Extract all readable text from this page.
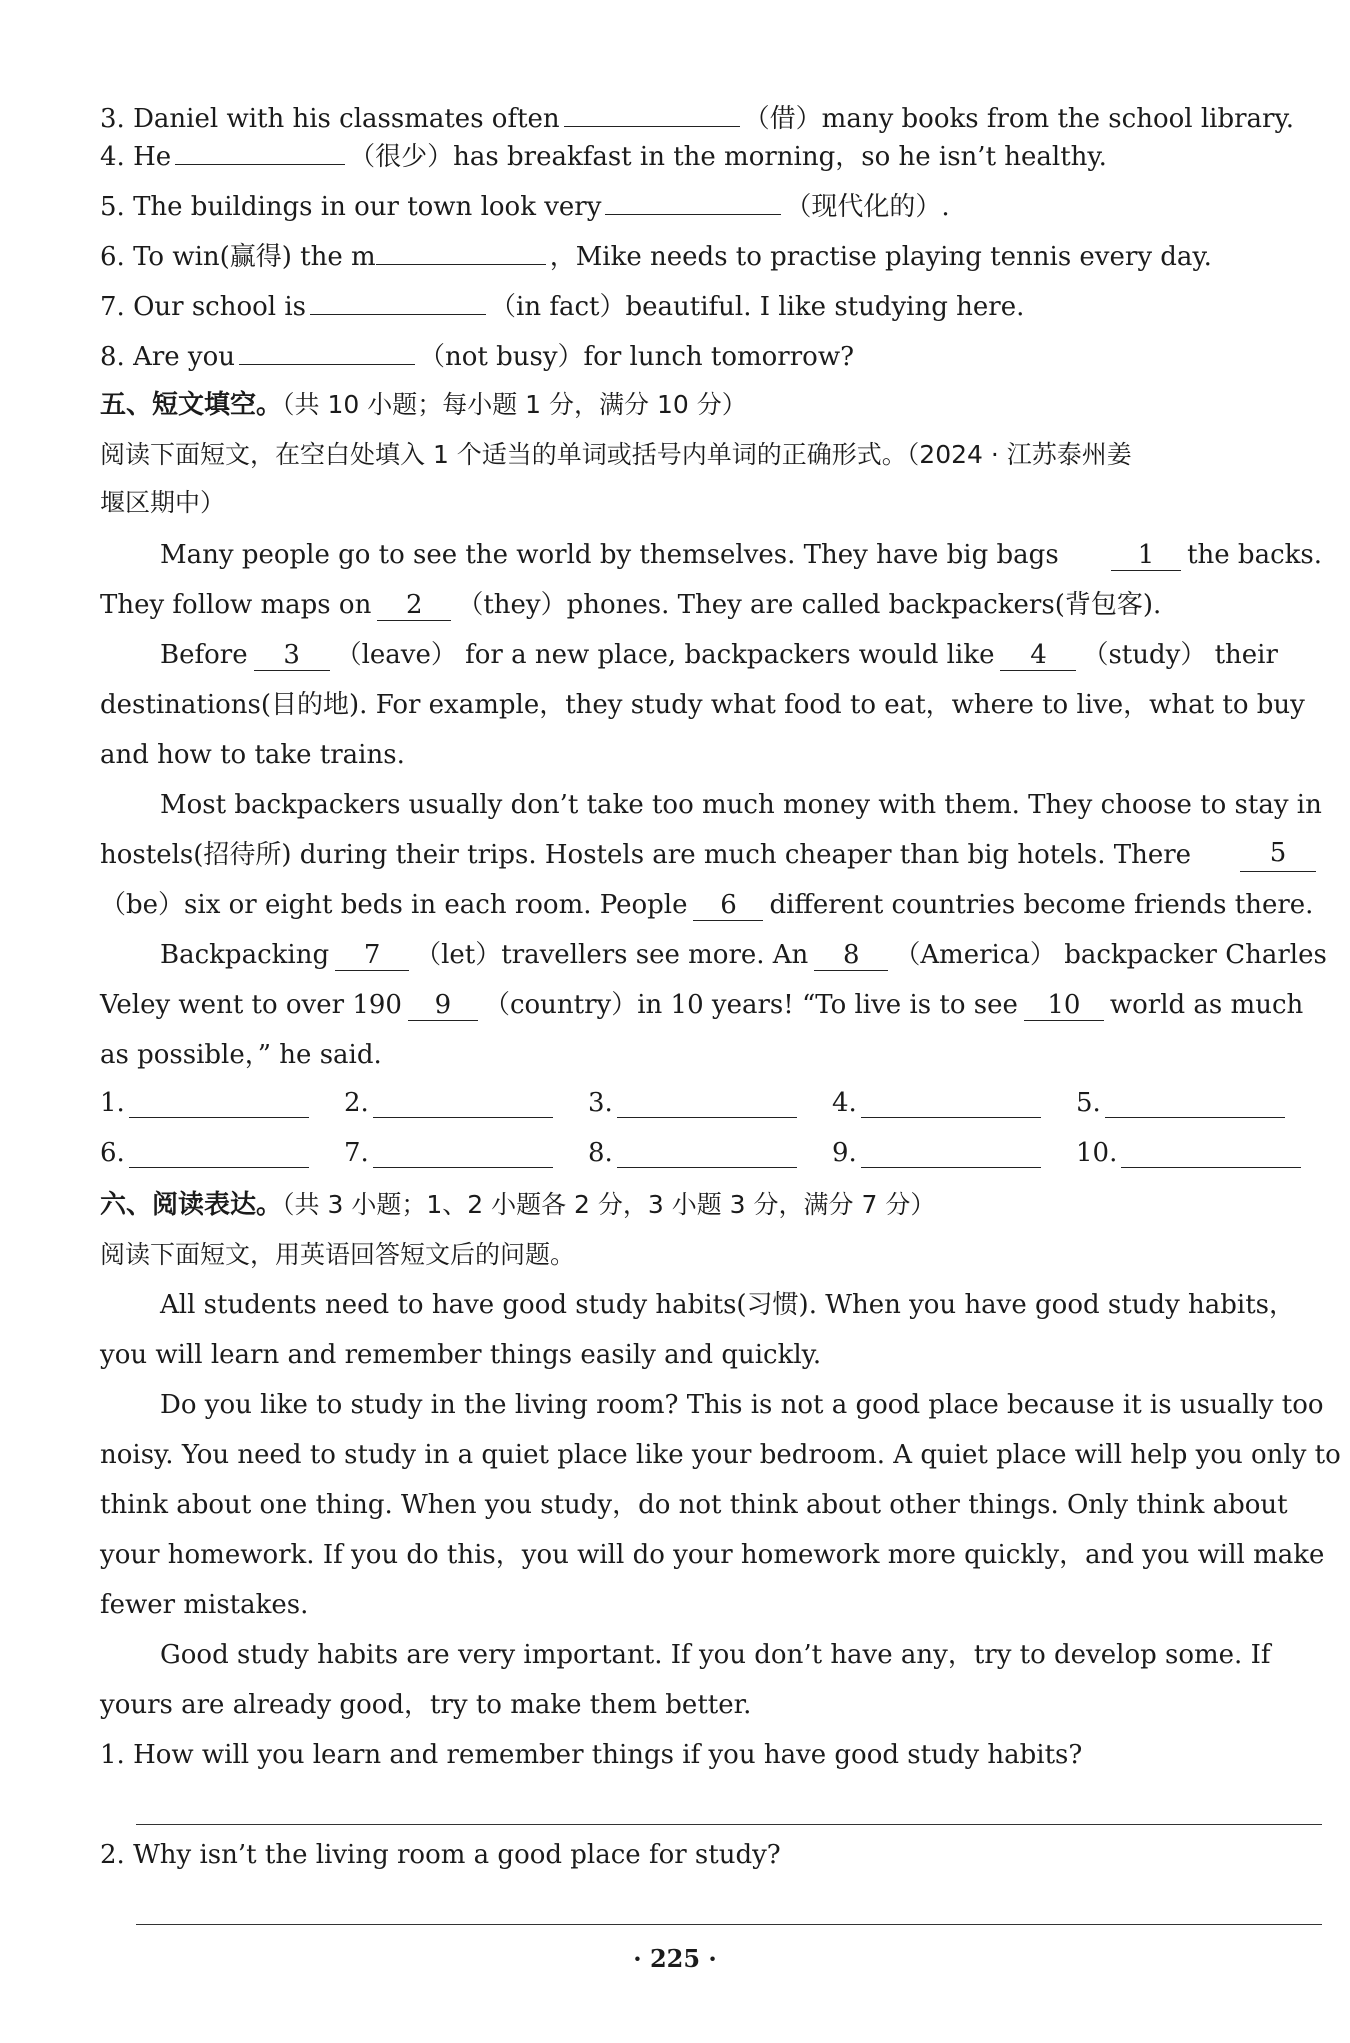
3. Daniel with his classmates often	（借）many books from the school library.
4. He	（很少）has breakfast in the morning，so he isn’t healthy.
5. The buildings in our town look very	（现代化的）.
6. To win(赢得) the m	，Mike needs to practise playing tennis every day.
7. Our school is	（in fact）beautiful. I like studying here.
8. Are you	（not busy）for lunch tomorrow?
五、短文填空。（共 10 小题；每小题 1 分，满分 10 分）
阅读下面短文，在空白处填入 1 个适当的单词或括号内单词的正确形式。（2024 · 江苏泰州姜
堰区期中）
Many people go to see the world by themselves. They have big bags	1 the backs.
They follow maps on 2 （they）phones. They are called backpackers(背包客).
Before 3 （leave） for a new place, backpackers would like 4 （study） their
destinations(目的地). For example，they study what food to eat，where to live，what to buy
and how to take trains.
Most backpackers usually don’t take too much money with them. They choose to stay in
hostels(招待所) during their trips. Hostels are much cheaper than big hotels. There	5
（be）six or eight beds in each room. People 6 different countries become friends there.
Backpacking 7 （let）travellers see more. An 8 （America） backpacker Charles
Veley went to over 190 9 （country）in 10 years! “To live is to see 10 world as much
as possible，” he said.
1.	2.	3.	4.	5.
6.	7.	8.	9.	10.
六、阅读表达。（共 3 小题；1、2 小题各 2 分，3 小题 3 分，满分 7 分）
阅读下面短文，用英语回答短文后的问题。
All students need to have good study habits(习惯). When you have good study habits，
you will learn and remember things easily and quickly.
Do you like to study in the living room? This is not a good place because it is usually too
noisy. You need to study in a quiet place like your bedroom. A quiet place will help you only to
think about one thing. When you study，do not think about other things. Only think about
your homework. If you do this，you will do your homework more quickly，and you will make
fewer mistakes.
Good study habits are very important. If you don’t have any，try to develop some. If
yours are already good，try to make them better.
1. How will you learn and remember things if you have good study habits?
2. Why isn’t the living room a good place for study?
· 225 ·
